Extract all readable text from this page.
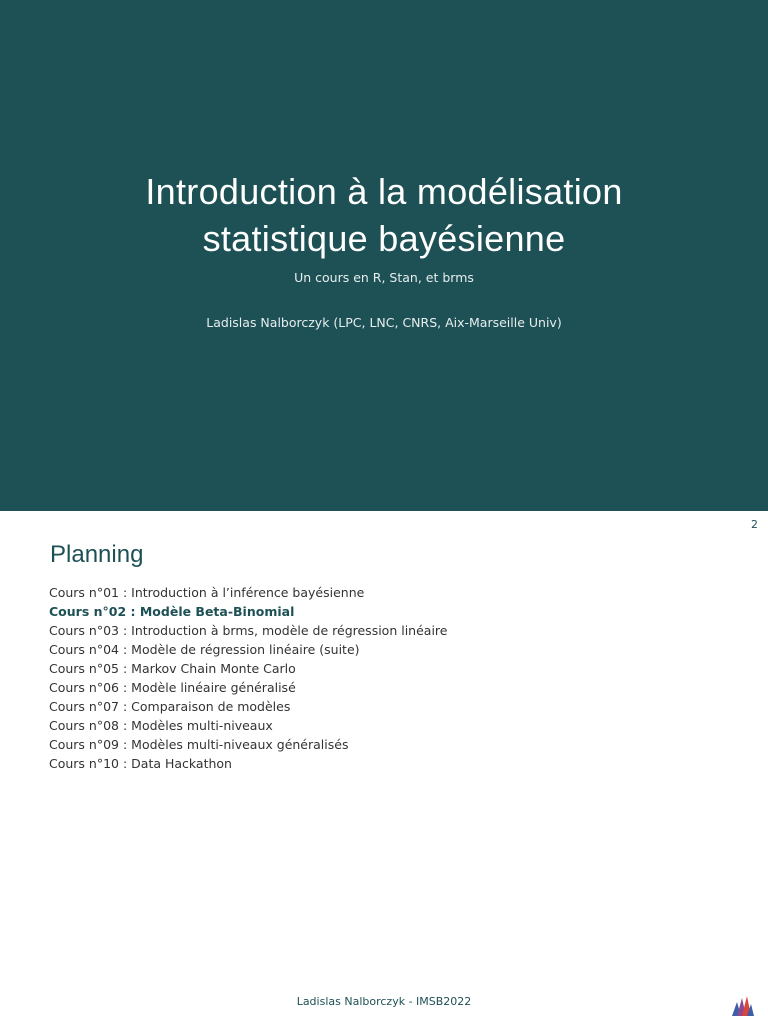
Introduction à la modélisation
statistique bayésienne
Un cours en R, Stan, et brms
Ladislas Nalborczyk (LPC, LNC, CNRS, Aix-Marseille Univ)
2
Planning
Cours n°01 : Introduction à l’inférence bayésienne
Cours n°02 : Modèle Beta-Binomial
Cours n°03 : Introduction à brms, modèle de régression linéaire
Cours n°04 : Modèle de régression linéaire (suite)
Cours n°05 : Markov Chain Monte Carlo
Cours n°06 : Modèle linéaire généralisé
Cours n°07 : Comparaison de modèles
Cours n°08 : Modèles multi-niveaux
Cours n°09 : Modèles multi-niveaux généralisés
Cours n°10 : Data Hackathon
Ladislas Nalborczyk - IMSB2022
